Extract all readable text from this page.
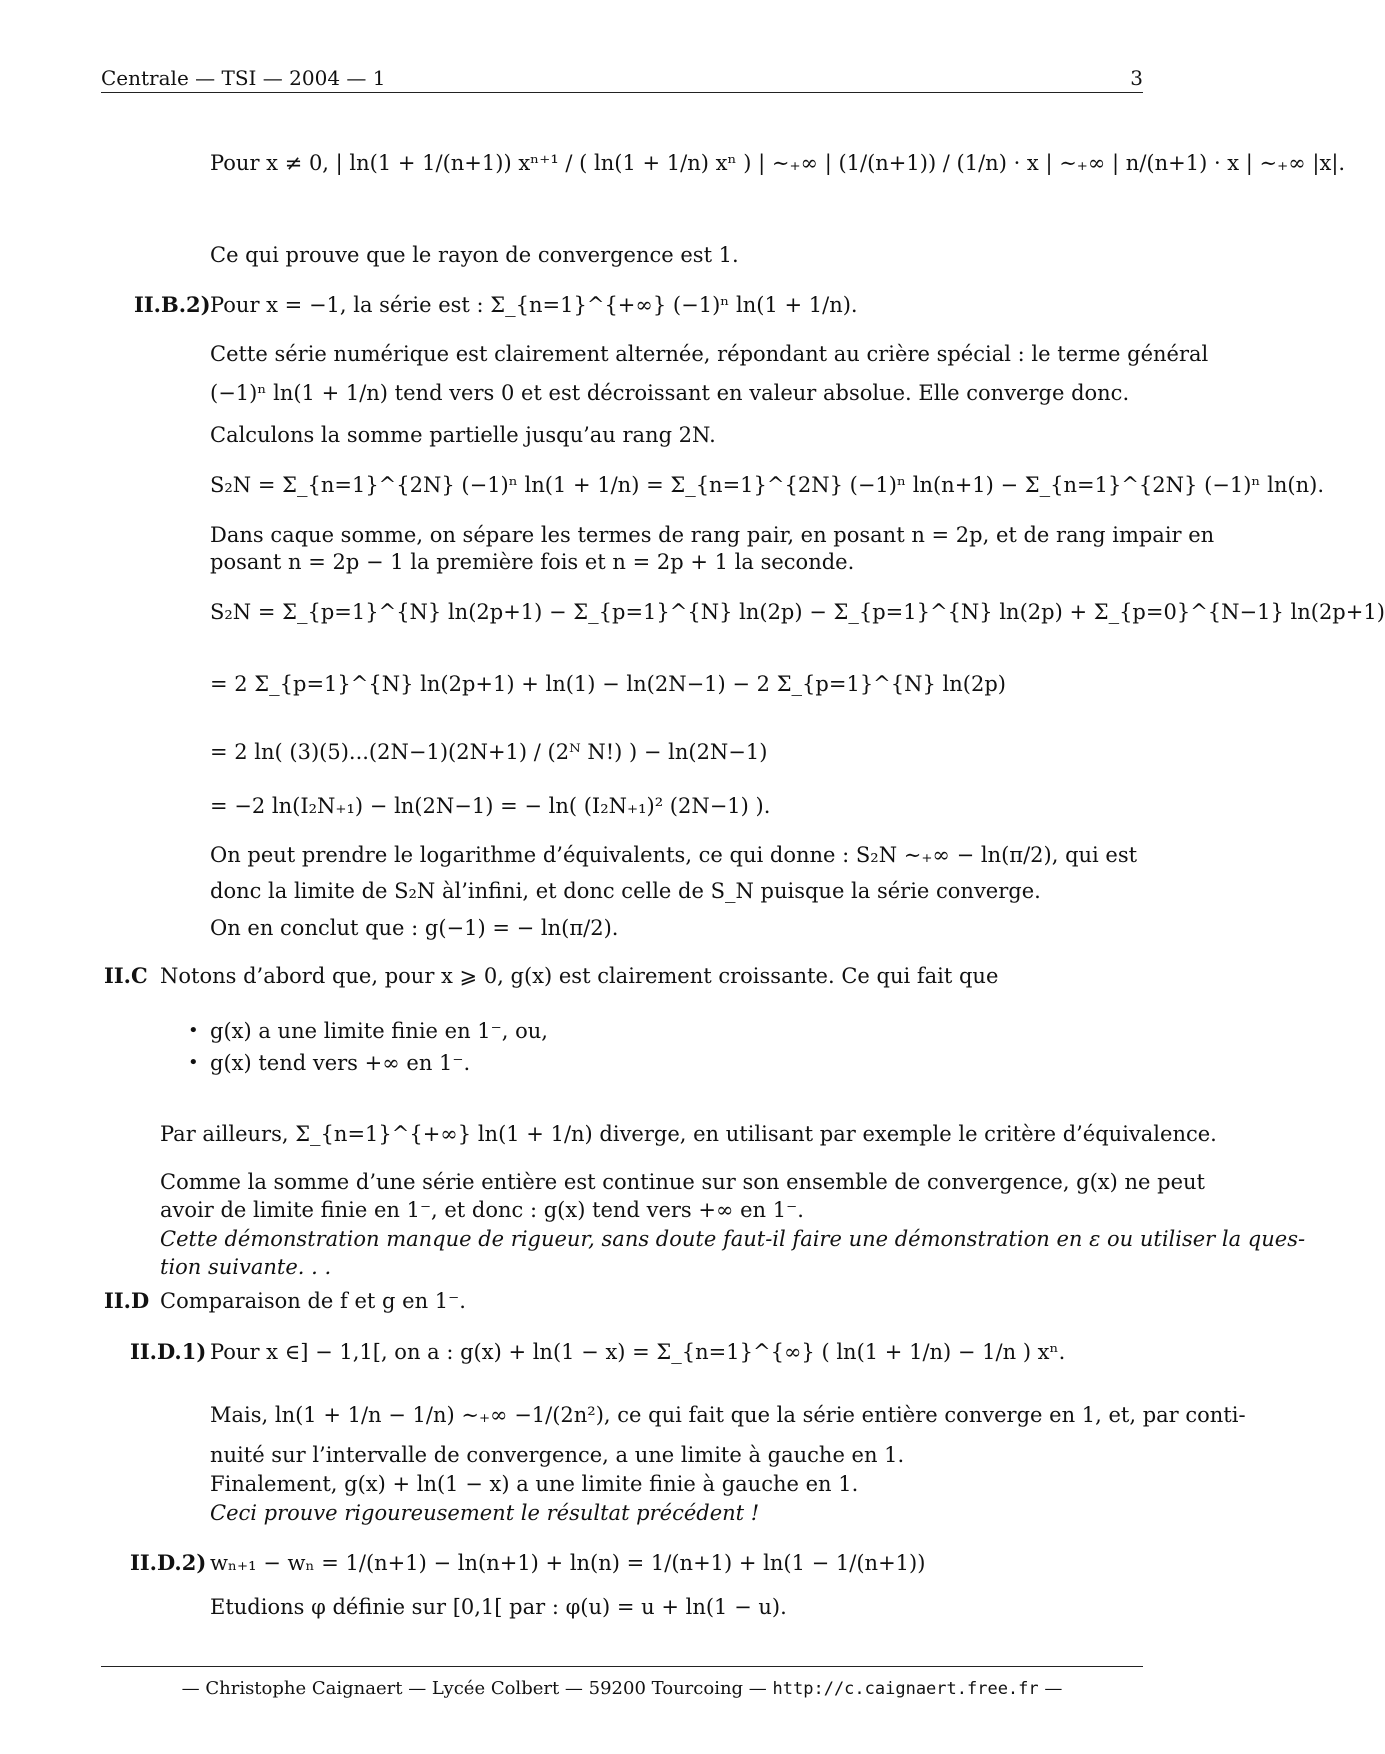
Centrale — TSI — 2004 — 1	3
Pour x ≠ 0, | ln(1 + 1/(n+1)) xⁿ⁺¹ / ( ln(1 + 1/n) xⁿ ) | ∼₊∞ | (1/(n+1)) / (1/n) · x | ∼₊∞ | n/(n+1) · x | ∼₊∞ |x|.
Ce qui prouve que le rayon de convergence est 1.
Pour x = −1, la série est : Σ_{n=1}^{+∞} (−1)ⁿ ln(1 + 1/n).
Cette série numérique est clairement alternée, répondant au crière spécial : le terme général
(−1)ⁿ ln(1 + 1/n) tend vers 0 et est décroissant en valeur absolue. Elle converge donc.
Calculons la somme partielle jusqu’au rang 2N.
S₂N = Σ_{n=1}^{2N} (−1)ⁿ ln(1 + 1/n) = Σ_{n=1}^{2N} (−1)ⁿ ln(n+1) − Σ_{n=1}^{2N} (−1)ⁿ ln(n).
Dans caque somme, on sépare les termes de rang pair, en posant n = 2p, et de rang impair en
posant n = 2p − 1 la première fois et n = 2p + 1 la seconde.
S₂N = Σ_{p=1}^{N} ln(2p+1) − Σ_{p=1}^{N} ln(2p) − Σ_{p=1}^{N} ln(2p) + Σ_{p=0}^{N−1} ln(2p+1)
= 2 Σ_{p=1}^{N} ln(2p+1) + ln(1) − ln(2N−1) − 2 Σ_{p=1}^{N} ln(2p)
= 2 ln( (3)(5)...(2N−1)(2N+1) / (2ᴺ N!) ) − ln(2N−1)
= −2 ln(I₂N₊₁) − ln(2N−1) = − ln( (I₂N₊₁)² (2N−1) ).
On peut prendre le logarithme d’équivalents, ce qui donne : S₂N ∼₊∞ − ln(π/2), qui est
donc la limite de S₂N àl’infini, et donc celle de S_N puisque la série converge.
On en conclut que : g(−1) = − ln(π/2).
Notons d’abord que, pour x ⩾ 0, g(x) est clairement croissante. Ce qui fait que
g(x) a une limite finie en 1⁻, ou,
g(x) tend vers +∞ en 1⁻.
Par ailleurs, Σ_{n=1}^{+∞} ln(1 + 1/n) diverge, en utilisant par exemple le critère d’équivalence.
Comme la somme d’une série entière est continue sur son ensemble de convergence, g(x) ne peut
avoir de limite finie en 1⁻, et donc : g(x) tend vers +∞ en 1⁻.
Cette démonstration manque de rigueur, sans doute faut-il faire une démonstration en ε ou utiliser la ques-
tion suivante. . .
Comparaison de f et g en 1⁻.
Pour x ∈] − 1,1[, on a : g(x) + ln(1 − x) = Σ_{n=1}^{∞} ( ln(1 + 1/n) − 1/n ) xⁿ.
Mais, ln(1 + 1/n − 1/n) ∼₊∞ −1/(2n²), ce qui fait que la série entière converge en 1, et, par conti-
nuité sur l’intervalle de convergence, a une limite à gauche en 1.
Finalement, g(x) + ln(1 − x) a une limite finie à gauche en 1.
Ceci prouve rigoureusement le résultat précédent !
wₙ₊₁ − wₙ = 1/(n+1) − ln(n+1) + ln(n) = 1/(n+1) + ln(1 − 1/(n+1))
Etudions φ définie sur [0,1[ par : φ(u) = u + ln(1 − u).
II.B.2)
II.C
II.D
II.D.1)
II.D.2)
•
•
— Christophe Caignaert — Lycée Colbert — 59200 Tourcoing — http://c.caignaert.free.fr —
